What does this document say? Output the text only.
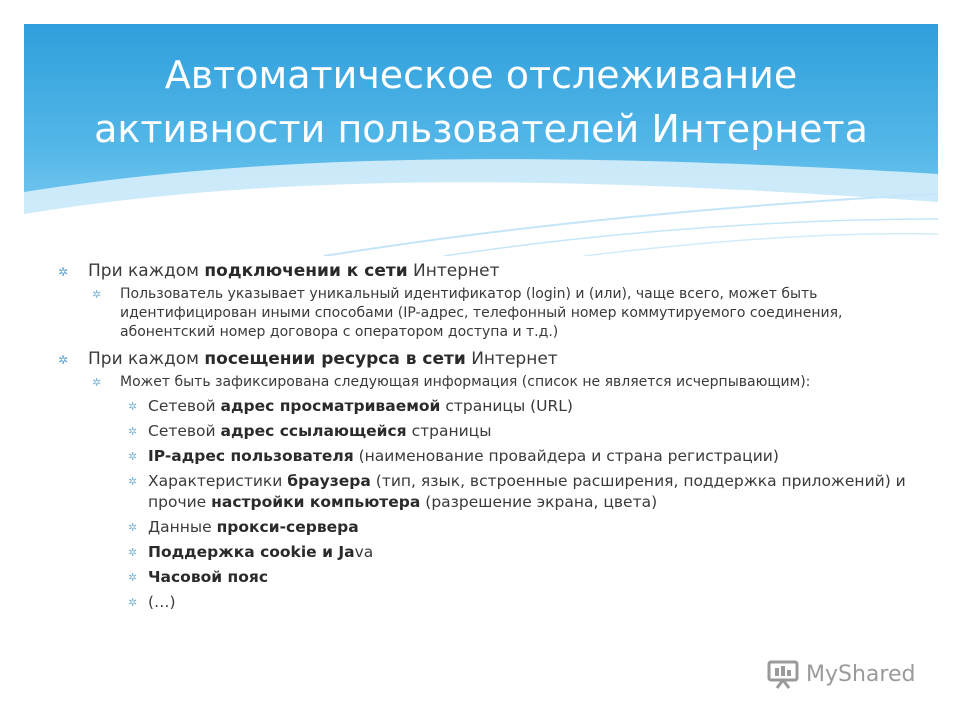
Автоматическое отслеживание
активности пользователей Интернета
✲ При каждом подключении к сети Интернет
✲ Пользователь указывает уникальный идентификатор (login) и (или), чаще всего, может быть идентифицирован иными способами (IP-адрес, телефонный номер коммутируемого соединения, абонентский номер договора с оператором доступа и т.д.)
✲ При каждом посещении ресурса в сети Интернет
✲ Может быть зафиксирована следующая информация (список не является исчерпывающим):
✲ Сетевой адрес просматриваемой страницы (URL)
✲ Сетевой адрес ссылающейся страницы
✲ IP-адрес пользователя (наименование провайдера и страна регистрации)
✲ Характеристики браузера (тип, язык, встроенные расширения, поддержка приложений) и прочие настройки компьютера (разрешение экрана, цвета)
✲ Данные прокси-сервера
✲ Поддержка cookie и Java
✲ Часовой пояс
✲ (…)
MyShared
